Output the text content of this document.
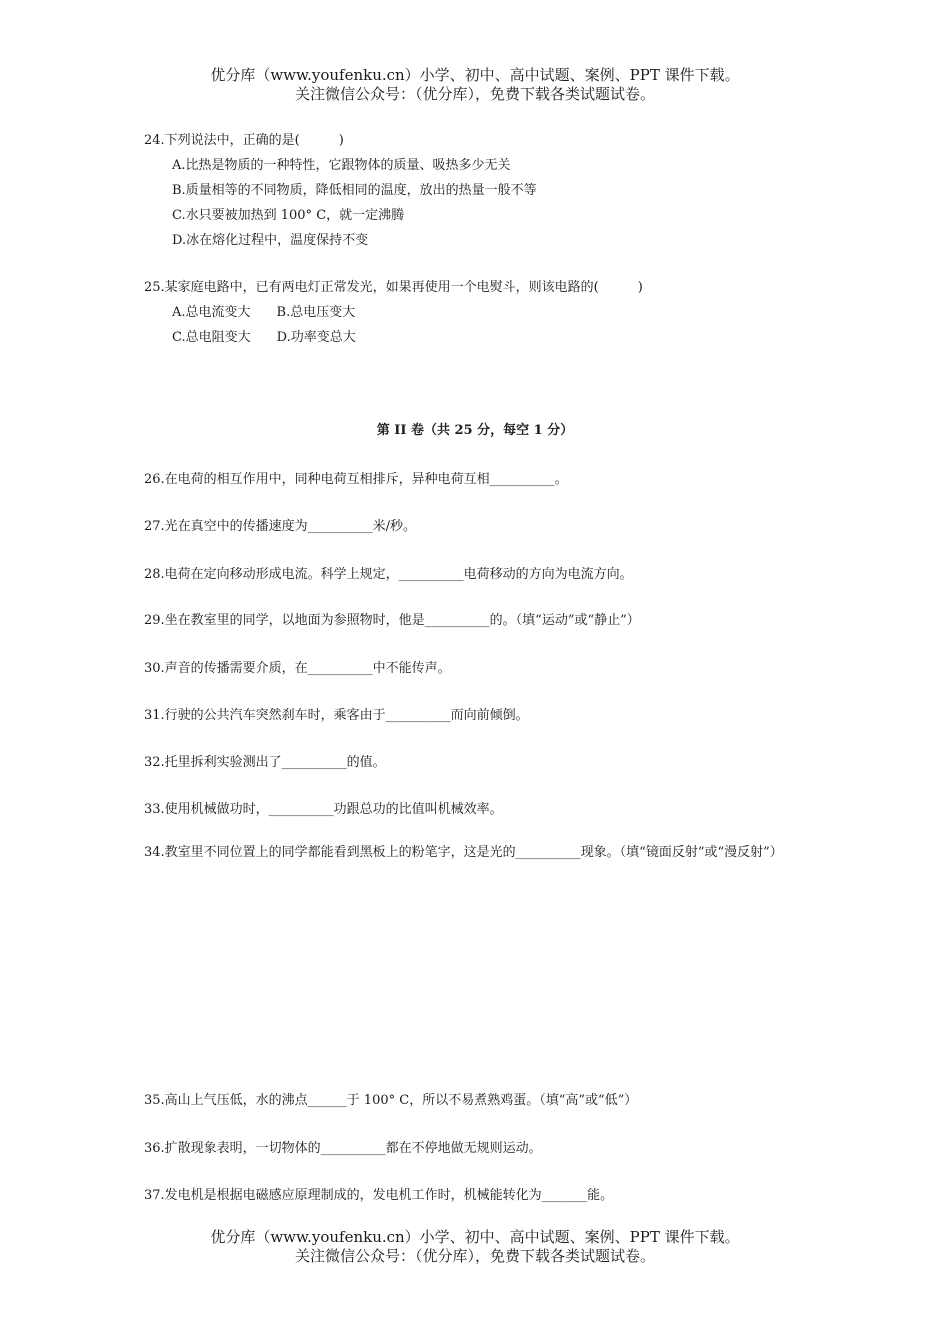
优分库（www.youfenku.cn）小学、初中、高中试题、案例、PPT 课件下载。
关注微信公众号：（优分库），免费下载各类试题试卷。
24.下列说法中，正确的是(　　　)
A.比热是物质的一种特性，它跟物体的质量、吸热多少无关
B.质量相等的不同物质，降低相同的温度，放出的热量一般不等
C.水只要被加热到 100° C，就一定沸腾
D.冰在熔化过程中，温度保持不变
25.某家庭电路中，已有两电灯正常发光，如果再使用一个电熨斗，则该电路的(　　　)
A.总电流变大　　B.总电压变大
C.总电阻变大　　D.功率变总大
26.在电荷的相互作用中，同种电荷互相排斥，异种电荷互相__________。
27.光在真空中的传播速度为__________米/秒。
28.电荷在定向移动形成电流。科学上规定，__________电荷移动的方向为电流方向。
29.坐在教室里的同学，以地面为参照物时，他是__________的。（填“运动”或“静止”）
30.声音的传播需要介质，在__________中不能传声。
31.行驶的公共汽车突然刹车时，乘客由于__________而向前倾倒。
32.托里拆利实验测出了__________的值。
33.使用机械做功时，__________功跟总功的比值叫机械效率。
34.教室里不同位置上的同学都能看到黑板上的粉笔字，这是光的__________现象。（填“镜面反射”或“漫反射”）
35.高山上气压低，水的沸点______于 100° C，所以不易煮熟鸡蛋。（填“高”或“低”）
36.扩散现象表明，一切物体的__________都在不停地做无规则运动。
37.发电机是根据电磁感应原理制成的，发电机工作时，机械能转化为_______能。
第 II 卷（共 25 分，每空 1 分）
优分库（www.youfenku.cn）小学、初中、高中试题、案例、PPT 课件下载。
关注微信公众号：（优分库），免费下载各类试题试卷。
